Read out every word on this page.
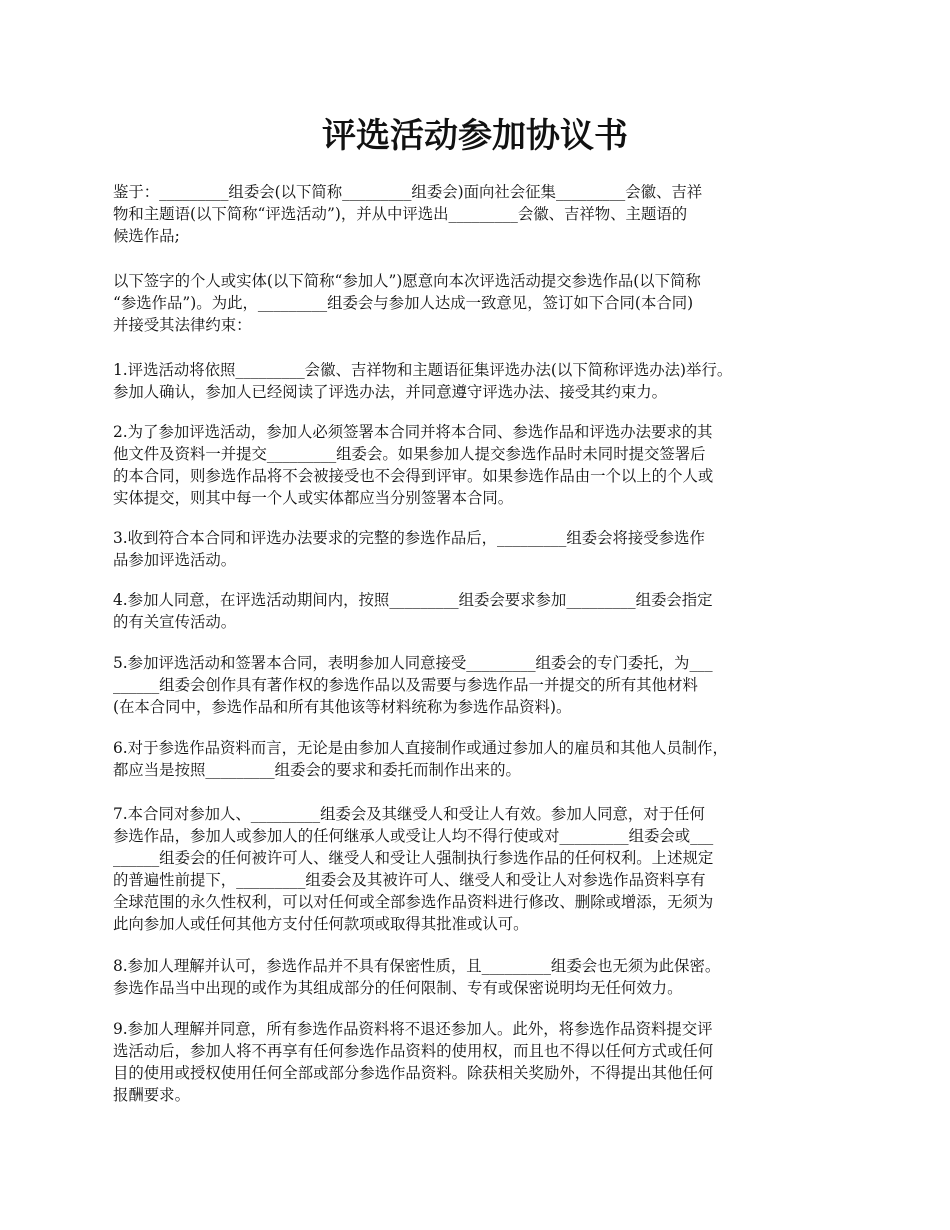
评选活动参加协议书
鉴于：_________组委会(以下简称_________组委会)面向社会征集_________会徽、吉祥
物和主题语(以下简称“评选活动”)，并从中评选出_________会徽、吉祥物、主题语的
候选作品;
以下签字的个人或实体(以下简称“参加人”)愿意向本次评选活动提交参选作品(以下简称
“参选作品”)。为此，_________组委会与参加人达成一致意见，签订如下合同(本合同)
并接受其法律约束：
1.评选活动将依照_________会徽、吉祥物和主题语征集评选办法(以下简称评选办法)举行。
参加人确认，参加人已经阅读了评选办法，并同意遵守评选办法、接受其约束力。
2.为了参加评选活动，参加人必须签署本合同并将本合同、参选作品和评选办法要求的其
他文件及资料一并提交_________组委会。如果参加人提交参选作品时未同时提交签署后
的本合同，则参选作品将不会被接受也不会得到评审。如果参选作品由一个以上的个人或
实体提交，则其中每一个人或实体都应当分别签署本合同。
3.收到符合本合同和评选办法要求的完整的参选作品后，_________组委会将接受参选作
品参加评选活动。
4.参加人同意，在评选活动期间内，按照_________组委会要求参加_________组委会指定
的有关宣传活动。
5.参加评选活动和签署本合同，表明参加人同意接受_________组委会的专门委托，为___
______组委会创作具有著作权的参选作品以及需要与参选作品一并提交的所有其他材料
(在本合同中，参选作品和所有其他该等材料统称为参选作品资料)。
6.对于参选作品资料而言，无论是由参加人直接制作或通过参加人的雇员和其他人员制作，
都应当是按照_________组委会的要求和委托而制作出来的。
7.本合同对参加人、_________组委会及其继受人和受让人有效。参加人同意，对于任何
参选作品，参加人或参加人的任何继承人或受让人均不得行使或对_________组委会或___
______组委会的任何被许可人、继受人和受让人强制执行参选作品的任何权利。上述规定
的普遍性前提下，_________组委会及其被许可人、继受人和受让人对参选作品资料享有
全球范围的永久性权利，可以对任何或全部参选作品资料进行修改、删除或增添，无须为
此向参加人或任何其他方支付任何款项或取得其批准或认可。
8.参加人理解并认可，参选作品并不具有保密性质，且_________组委会也无须为此保密。
参选作品当中出现的或作为其组成部分的任何限制、专有或保密说明均无任何效力。
9.参加人理解并同意，所有参选作品资料将不退还参加人。此外，将参选作品资料提交评
选活动后，参加人将不再享有任何参选作品资料的使用权，而且也不得以任何方式或任何
目的使用或授权使用任何全部或部分参选作品资料。除获相关奖励外，不得提出其他任何
报酬要求。
